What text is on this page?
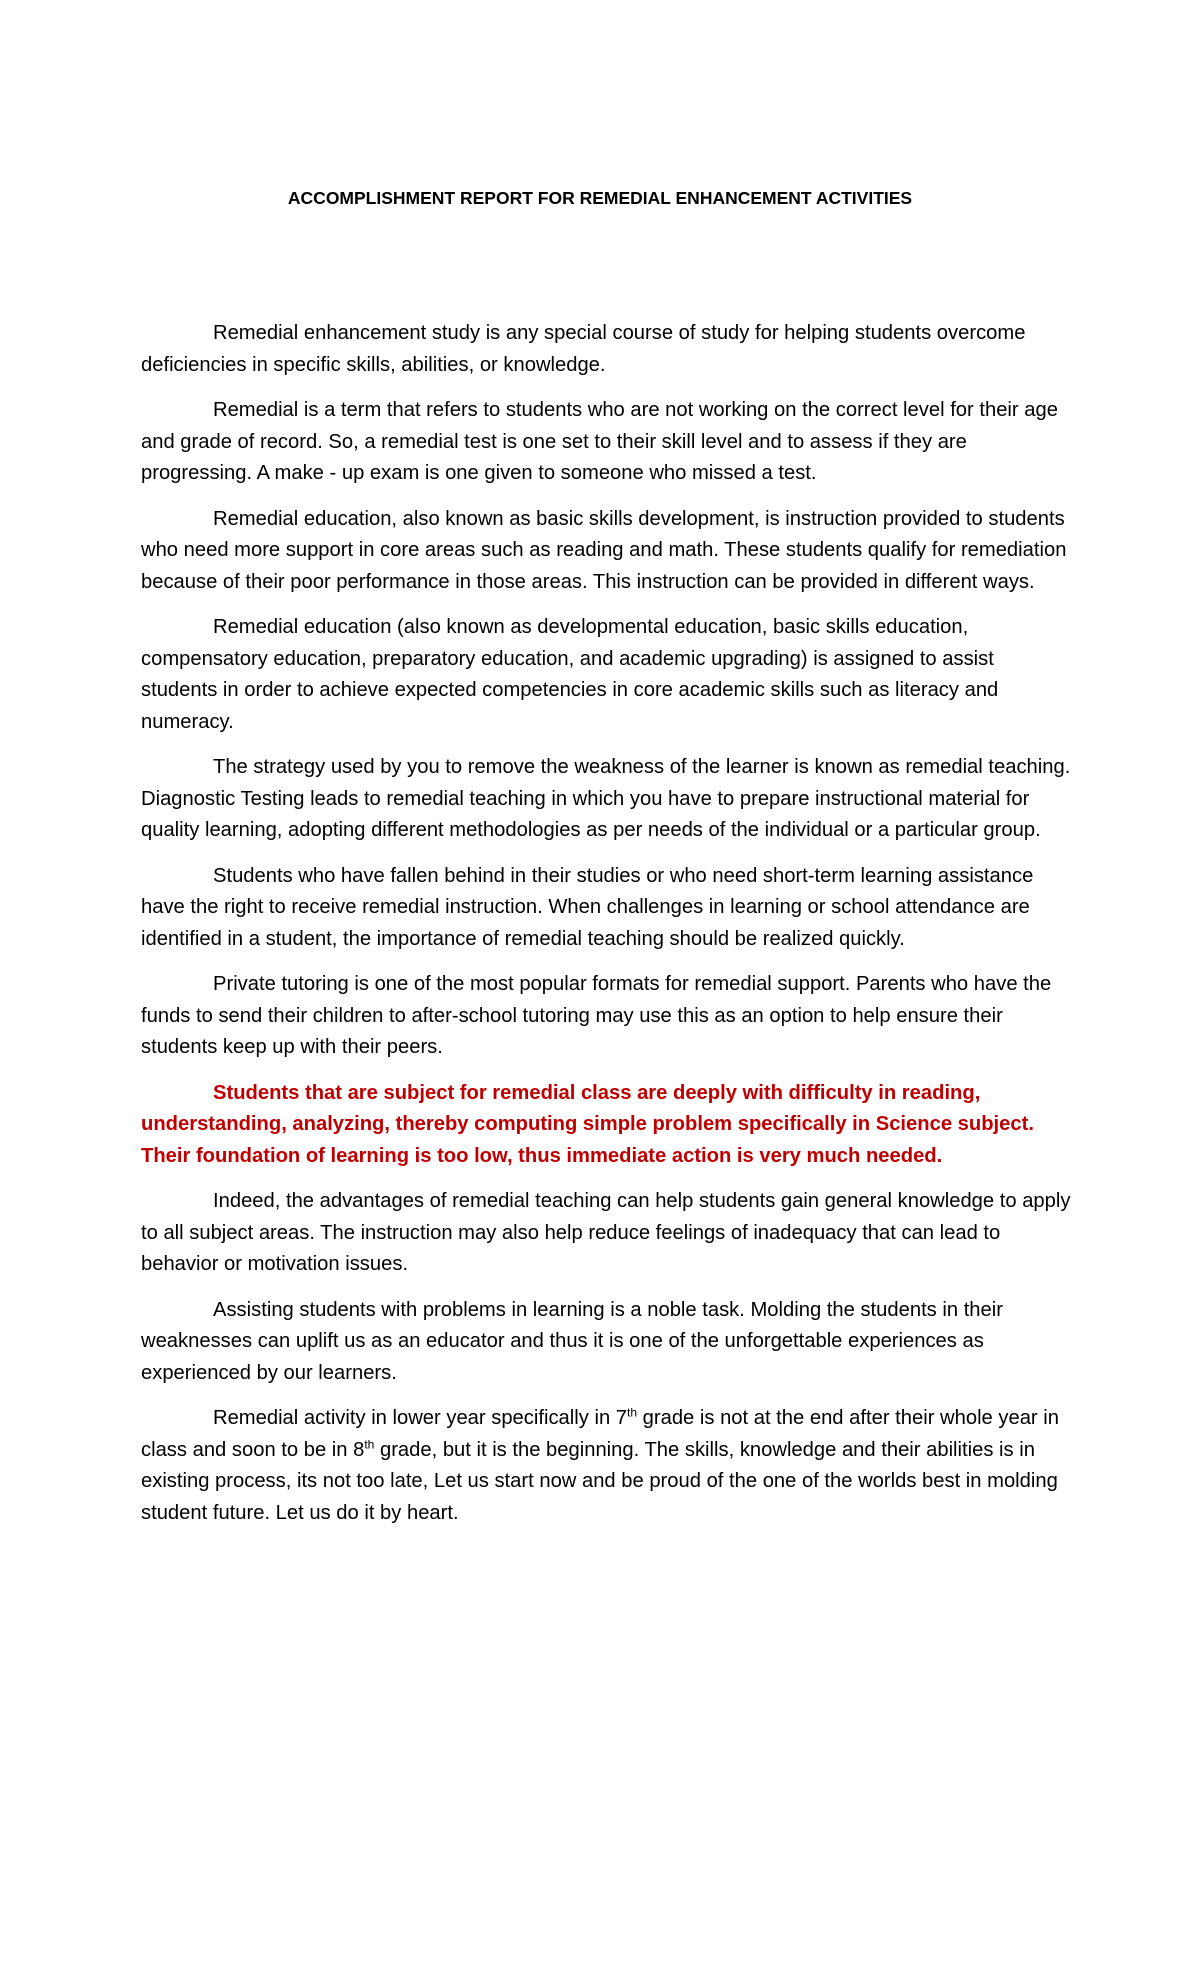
ACCOMPLISHMENT REPORT FOR REMEDIAL ENHANCEMENT ACTIVITIES

Remedial enhancement study is any special course of study for helping students overcome deficiencies in specific skills, abilities, or knowledge.

Remedial is a term that refers to students who are not working on the correct level for their age and grade of record. So, a remedial test is one set to their skill level and to assess if they are progressing. A make - up exam is one given to someone who missed a test.

Remedial education, also known as basic skills development, is instruction provided to students who need more support in core areas such as reading and math. These students qualify for remediation because of their poor performance in those areas. This instruction can be provided in different ways.

Remedial education (also known as developmental education, basic skills education, compensatory education, preparatory education, and academic upgrading) is assigned to assist students in order to achieve expected competencies in core academic skills such as literacy and numeracy.

The strategy used by you to remove the weakness of the learner is known as remedial teaching. Diagnostic Testing leads to remedial teaching in which you have to prepare instructional material for quality learning, adopting different methodologies as per needs of the individual or a particular group.

Students who have fallen behind in their studies or who need short-term learning assistance have the right to receive remedial instruction. When challenges in learning or school attendance are identified in a student, the importance of remedial teaching should be realized quickly.

Private tutoring is one of the most popular formats for remedial support. Parents who have the funds to send their children to after-school tutoring may use this as an option to help ensure their students keep up with their peers.

Students that are subject for remedial class are deeply with difficulty in reading, understanding, analyzing, thereby computing simple problem specifically in Science subject. Their foundation of learning is too low, thus immediate action is very much needed.

Indeed, the advantages of remedial teaching can help students gain general knowledge to apply to all subject areas. The instruction may also help reduce feelings of inadequacy that can lead to behavior or motivation issues.

Assisting students with problems in learning is a noble task. Molding the students in their weaknesses can uplift us as an educator and thus it is one of the unforgettable experiences as experienced by our learners.

Remedial activity in lower year specifically in 7th grade is not at the end after their whole year in class and soon to be in 8th grade, but it is the beginning. The skills, knowledge and their abilities is in existing process, its not too late, Let us start now and be proud of the one of the worlds best in molding student future. Let us do it by heart.
